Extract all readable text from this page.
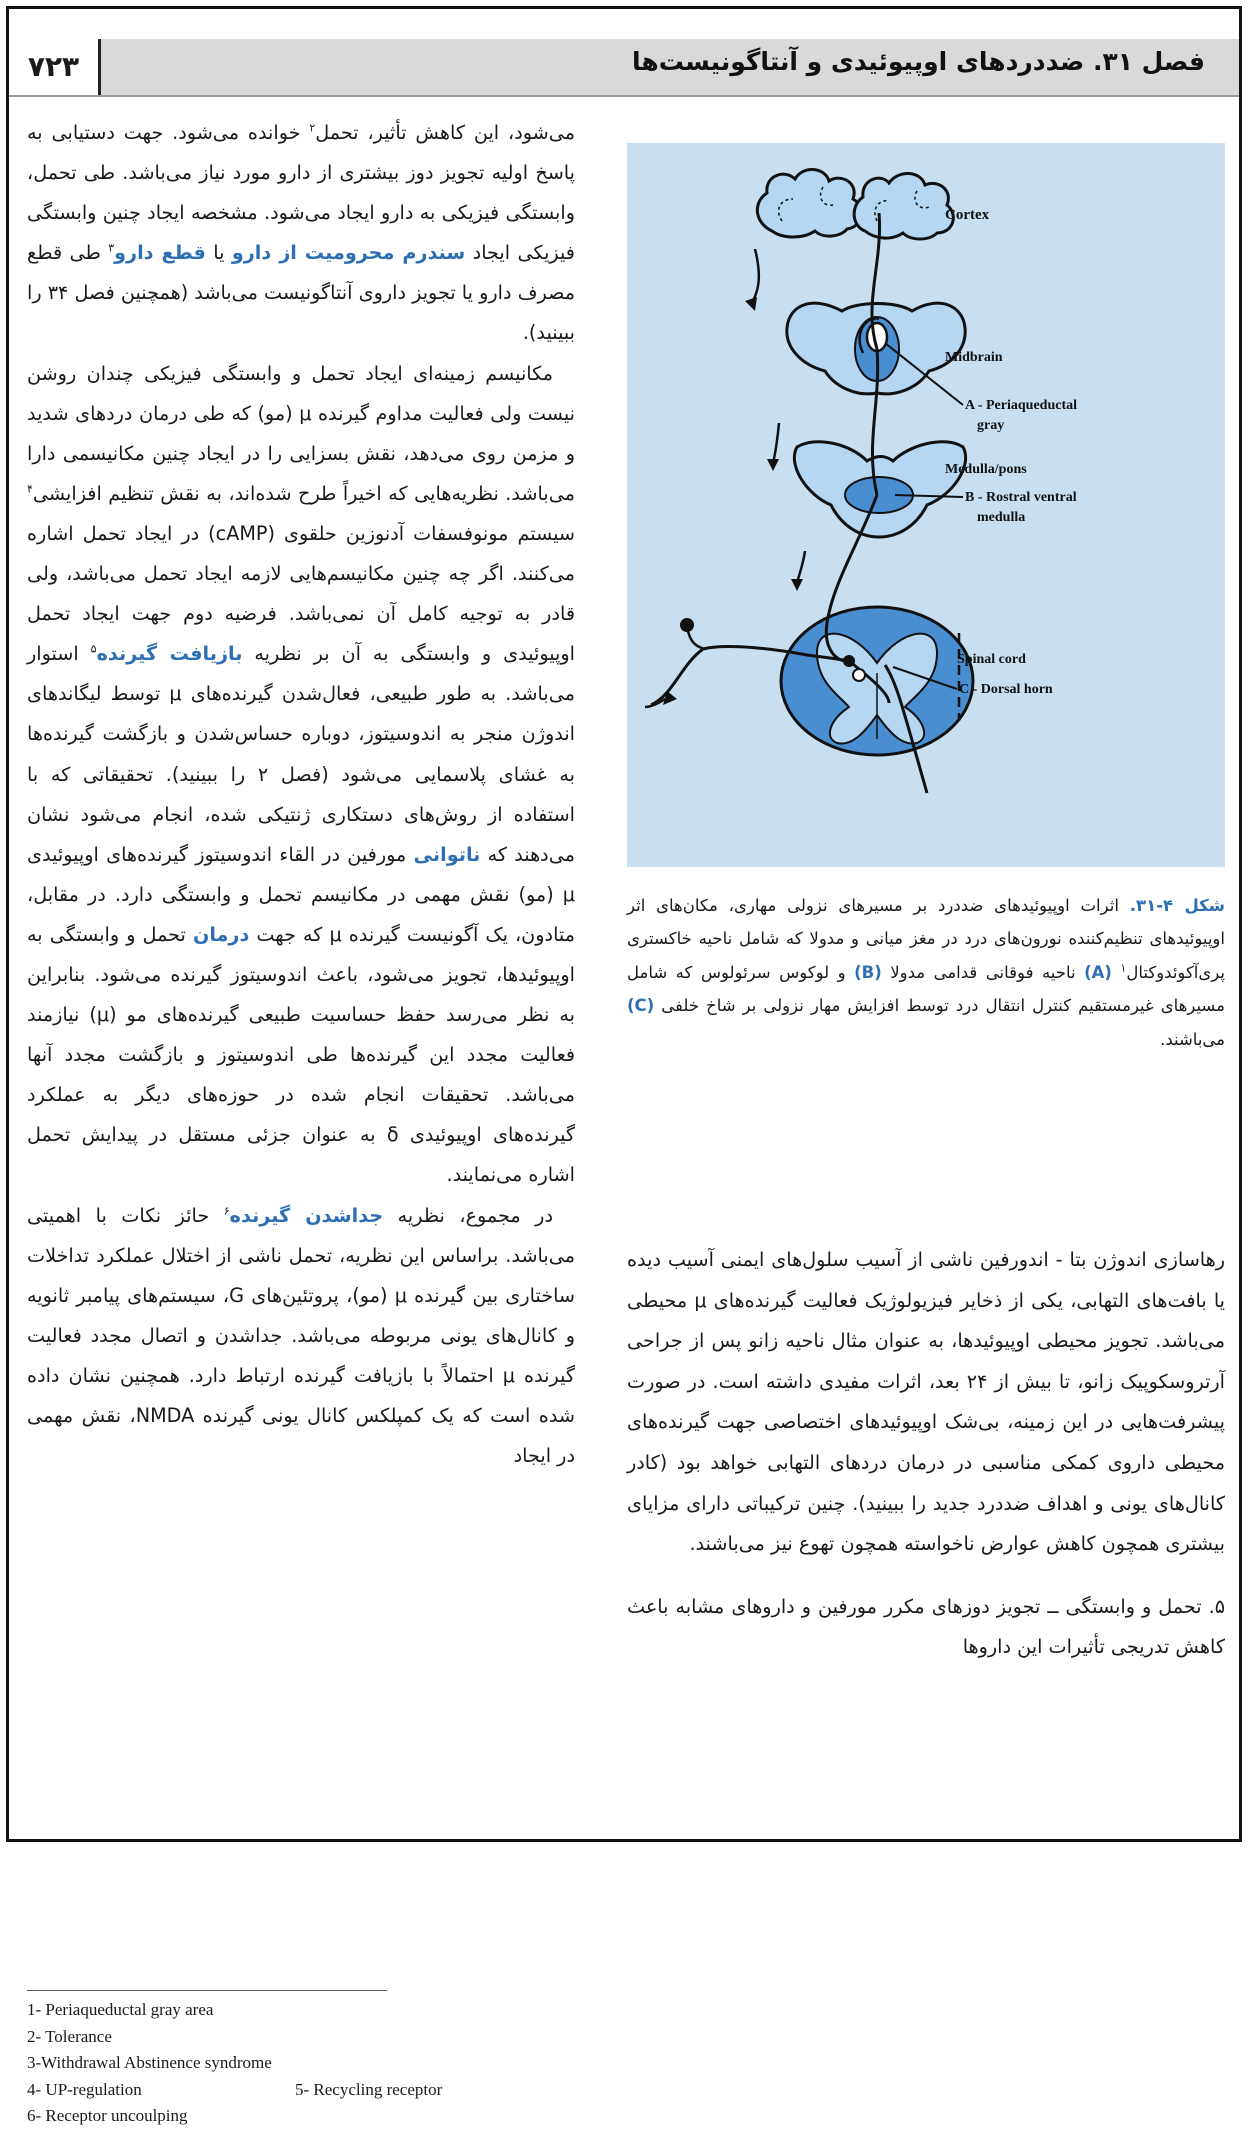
۷۲۳	فصل ۳۱. ضددردهای اوپیوئیدی و آنتاگونیست‌ها

می‌شود، این کاهش تأثیر، تحمل$^۲$ خوانده می‌شود. جهت دستیابی به پاسخ اولیه تجویز دوز بیشتری از دارو مورد نیاز می‌باشد. طی تحمل، وابستگی فیزیکی به دارو ایجاد می‌شود. مشخصه ایجاد چنین وابستگی فیزیکی ایجاد سندرم محرومیت از دارو یا قطع دارو$^۳$ طی قطع مصرف دارو یا تجویز داروی آنتاگونیست می‌باشد (همچنین فصل ۳۴ را ببینید).

مکانیسم زمینه‌ای ایجاد تحمل و وابستگی فیزیکی چندان روشن نیست ولی فعالیت مداوم گیرنده μ (مو) که طی درمان دردهای شدید و مزمن روی می‌دهد، نقش بسزایی را در ایجاد چنین مکانیسمی دارا می‌باشد. نظریه‌هایی که اخیراً طرح شده‌اند، به نقش تنظیم افزایشی$^۴$ سیستم مونوفسفات آدنوزین حلقوی (cAMP) در ایجاد تحمل اشاره می‌کنند. اگر چه چنین مکانیسم‌هایی لازمه ایجاد تحمل می‌باشد، ولی قادر به توجیه کامل آن نمی‌باشد. فرضیه دوم جهت ایجاد تحمل اوپیوئیدی و وابستگی به آن بر نظریه بازیافت گیرنده$^۵$ استوار می‌باشد. به طور طبیعی، فعال‌شدن گیرنده‌های μ توسط لیگاندهای اندوژن منجر به اندوسیتوز، دوباره حساس‌شدن و بازگشت گیرنده‌ها به غشای پلاسمایی می‌شود (فصل ۲ را ببینید). تحقیقاتی که با استفاده از روش‌های دستکاری ژنتیکی شده، انجام می‌شود نشان می‌دهند که ناتوانی مورفین در القاء اندوسیتوز گیرنده‌های اوپیوئیدی μ (مو) نقش مهمی در مکانیسم تحمل و وابستگی دارد. در مقابل، متادون، یک آگونیست گیرنده μ که جهت درمان تحمل و وابستگی به اوپیوئیدها، تجویز می‌شود، باعث اندوسیتوز گیرنده می‌شود. بنابراین به نظر می‌رسد حفظ حساسیت طبیعی گیرنده‌های مو (μ) نیازمند فعالیت مجدد این گیرنده‌ها طی اندوسیتوز و بازگشت مجدد آنها می‌باشد. تحقیقات انجام شده در حوزه‌های دیگر به عملکرد گیرنده‌های اوپیوئیدی δ به عنوان جزئی مستقل در پیدایش تحمل اشاره می‌نمایند.

در مجموع، نظریه جداشدن گیرنده$^۶$ حائز نکات با اهمیتی می‌باشد. براساس این نظریه، تحمل ناشی از اختلال عملکرد تداخلات ساختاری بین گیرنده μ (مو)، پروتئین‌های G، سیستم‌های پیامبر ثانویه و کانال‌های یونی مربوطه می‌باشد. جداشدن و اتصال مجدد فعالیت گیرنده μ احتمالاً با بازیافت گیرنده ارتباط دارد. همچنین نشان داده شده است که یک کمپلکس کانال یونی گیرنده NMDA، نقش مهمی در ایجاد

Cortex
Midbrain
A - Periaqueductal
gray
Medulla/pons
B - Rostral ventral
medulla
Spinal cord
C - Dorsal horn
شکل ۴-۳۱. اثرات اوپیوئیدهای ضددرد بر مسیرهای نزولی مهاری، مکان‌های اثر اوپیوئیدهای تنظیم‌کننده نورون‌های درد در مغز میانی و مدولا که شامل ناحیه خاکستری پری‌آکوئدوکتال$^۱$ (A) ناحیه فوقانی قدامی مدولا (B) و لوکوس سرئولوس که شامل مسیرهای غیرمستقیم کنترل انتقال درد توسط افزایش مهار نزولی بر شاخ خلفی (C) می‌باشند.

رهاسازی اندوژن بتا - اندورفین ناشی از آسیب سلول‌های ایمنی آسیب دیده یا بافت‌های التهابی، یکی از ذخایر فیزیولوژیک فعالیت گیرنده‌های μ محیطی می‌باشد. تجویز محیطی اوپیوئیدها، به عنوان مثال ناحیه زانو پس از جراحی آرتروسکوپیک زانو، تا بیش از ۲۴ بعد، اثرات مفیدی داشته است. در صورت پیشرفت‌هایی در این زمینه، بی‌شک اوپیوئیدهای اختصاصی جهت گیرنده‌های محیطی داروی کمکی مناسبی در درمان دردهای التهابی خواهد بود (کادر کانال‌های یونی و اهداف ضددرد جدید را ببینید). چنین ترکیباتی دارای مزایای بیشتری همچون کاهش عوارض ناخواسته همچون تهوع نیز می‌باشند.

۵. تحمل و وابستگی ــ تجویز دوزهای مکرر مورفین و داروهای مشابه باعث کاهش تدریجی تأثیرات این داروها

1- Periaqueductal gray area
2- Tolerance
3-Withdrawal Abstinence syndrome
4- UP-regulation	5- Recycling receptor
6- Receptor uncoulping
